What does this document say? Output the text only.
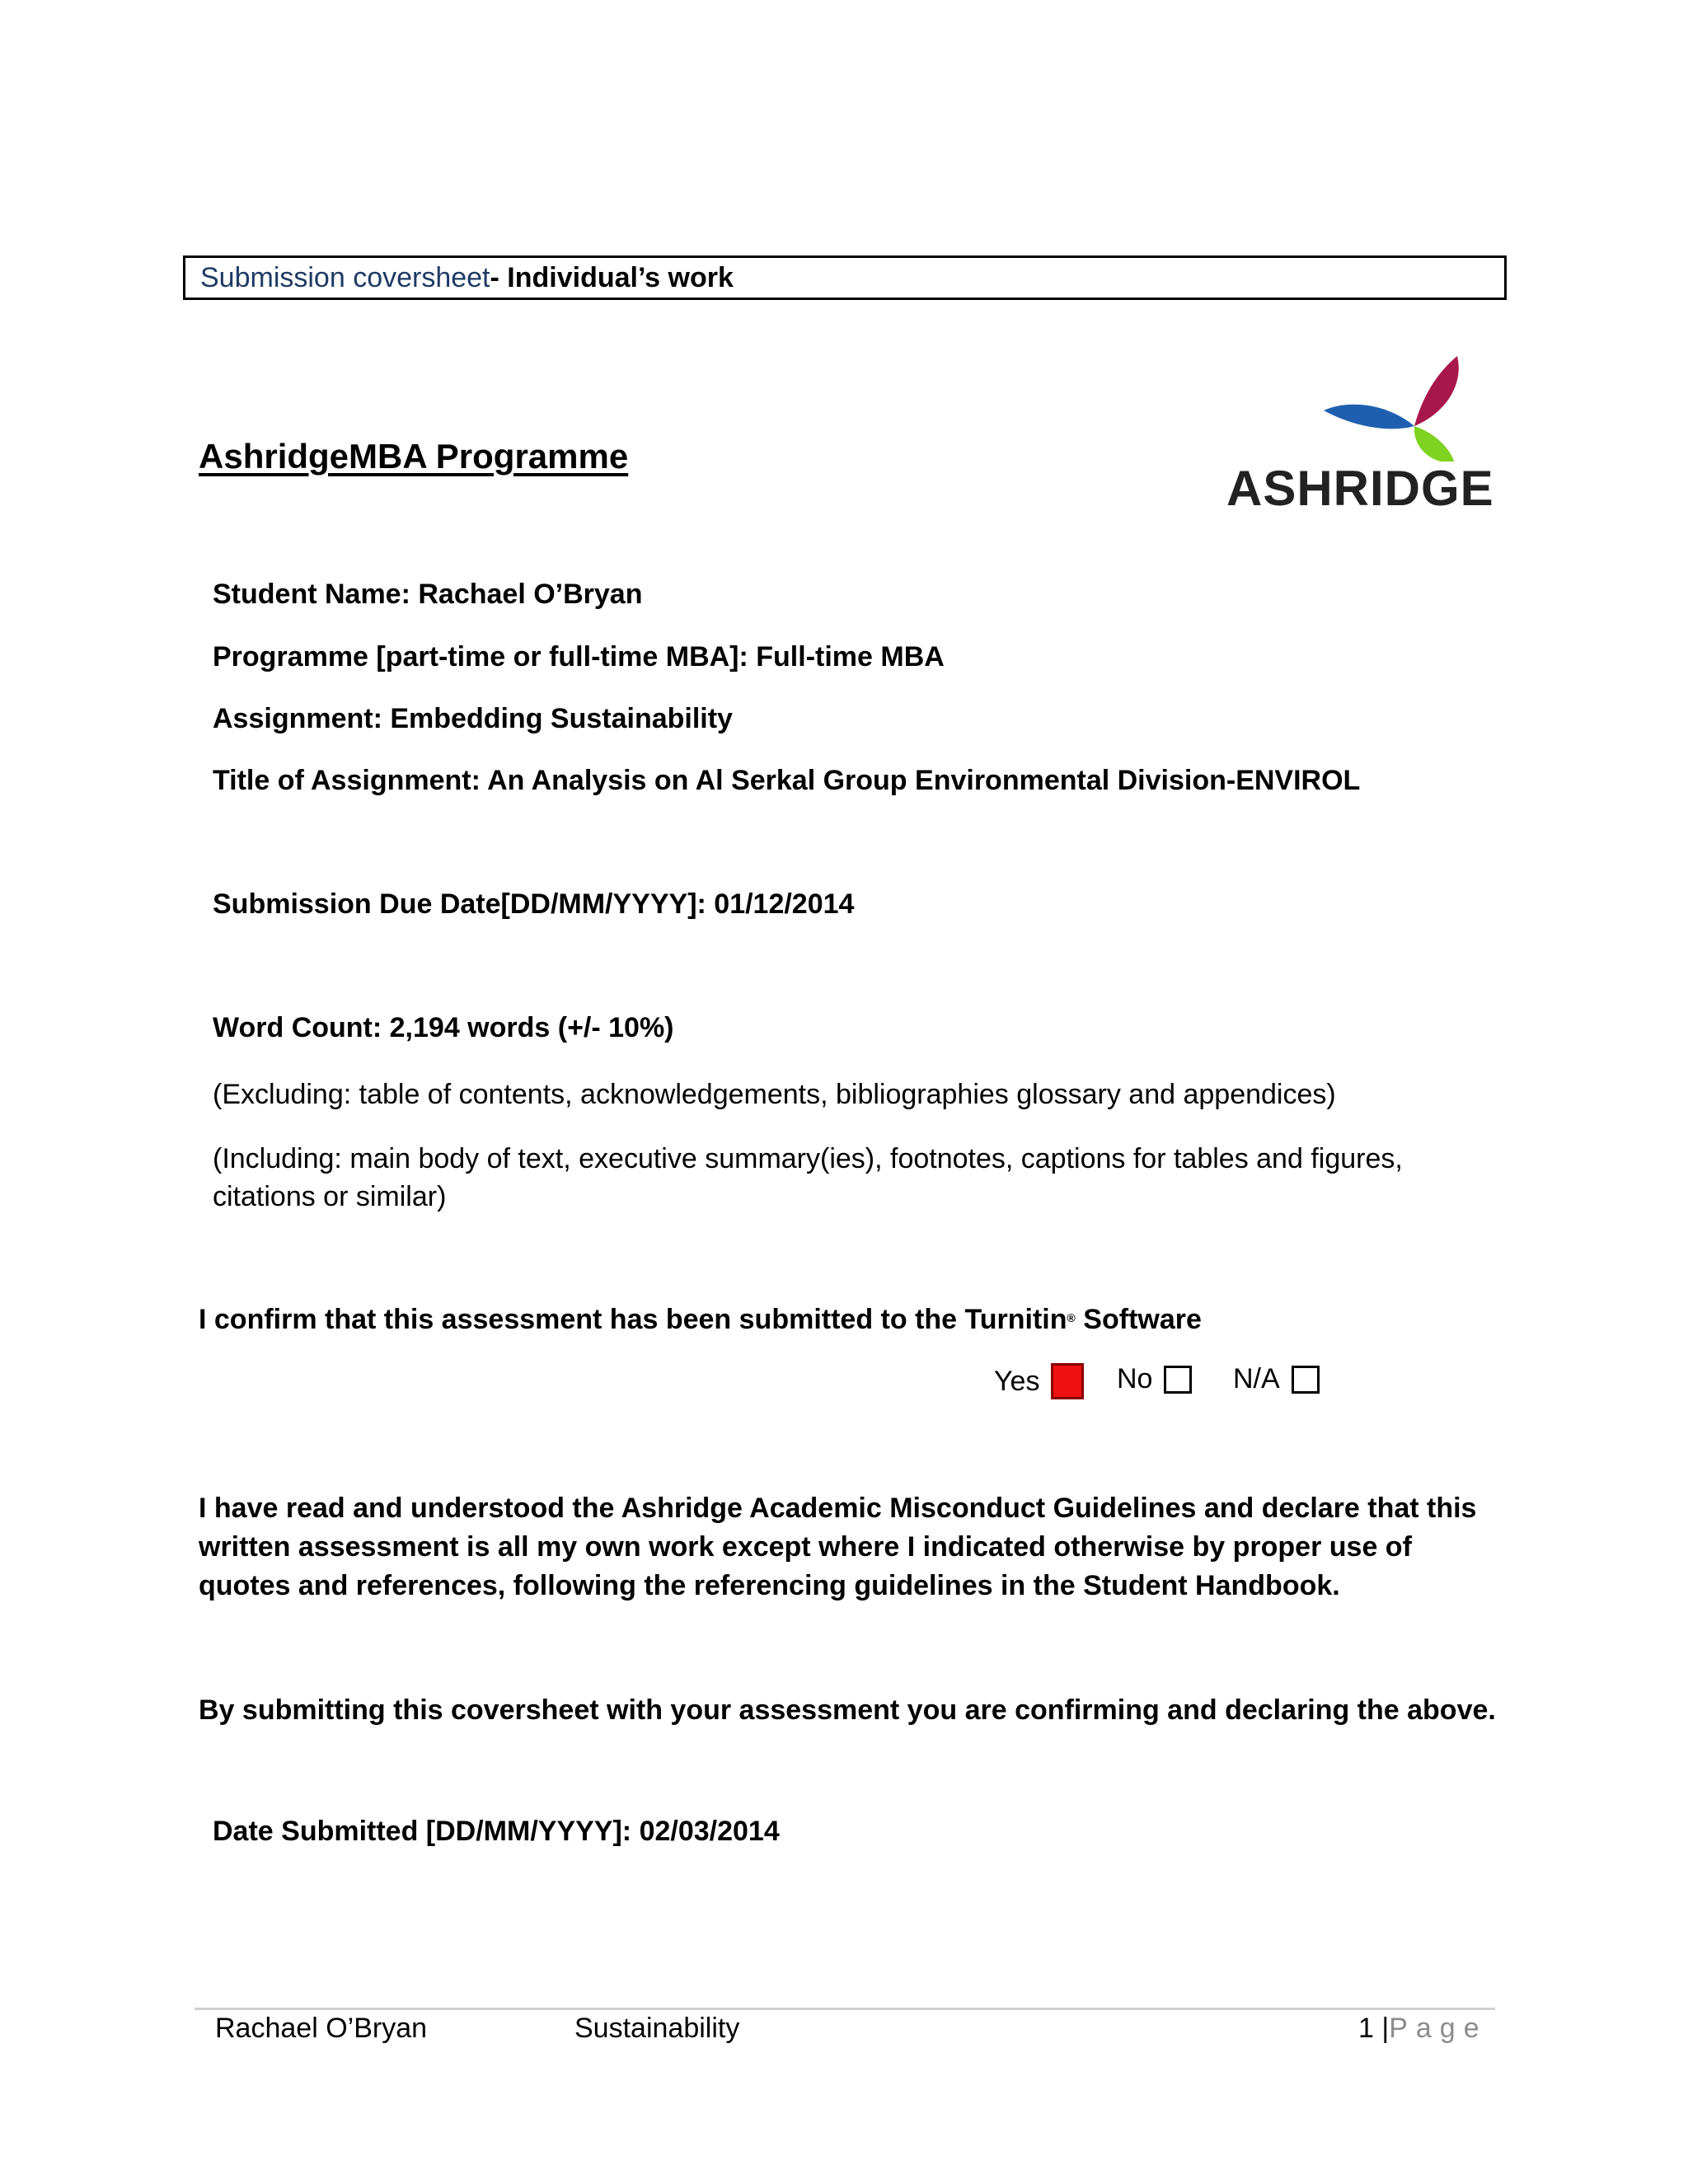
Submission coversheet- Individual’s work
AshridgeMBA Programme
ASHRIDGE
Student Name: Rachael O’Bryan
Programme [part-time or full-time MBA]: Full-time MBA
Assignment: Embedding Sustainability
Title of Assignment: An Analysis on Al Serkal Group Environmental Division-ENVIROL
Submission Due Date[DD/MM/YYYY]: 01/12/2014
Word Count: 2,194 words (+/- 10%)
(Excluding: table of contents, acknowledgements, bibliographies glossary and appendices)
(Including: main body of text, executive summary(ies), footnotes, captions for tables and figures, citations or similar)
I confirm that this assessment has been submitted to the Turnitin® Software
Yes	No	N/A
I have read and understood the Ashridge Academic Misconduct Guidelines and declare that this written assessment is all my own work except where I indicated otherwise by proper use of quotes and references, following the referencing guidelines in the Student Handbook.
By submitting this coversheet with your assessment you are confirming and declaring the above.
Date Submitted [DD/MM/YYYY]: 02/03/2014
Rachael O’Bryan	Sustainability	1 |Page
